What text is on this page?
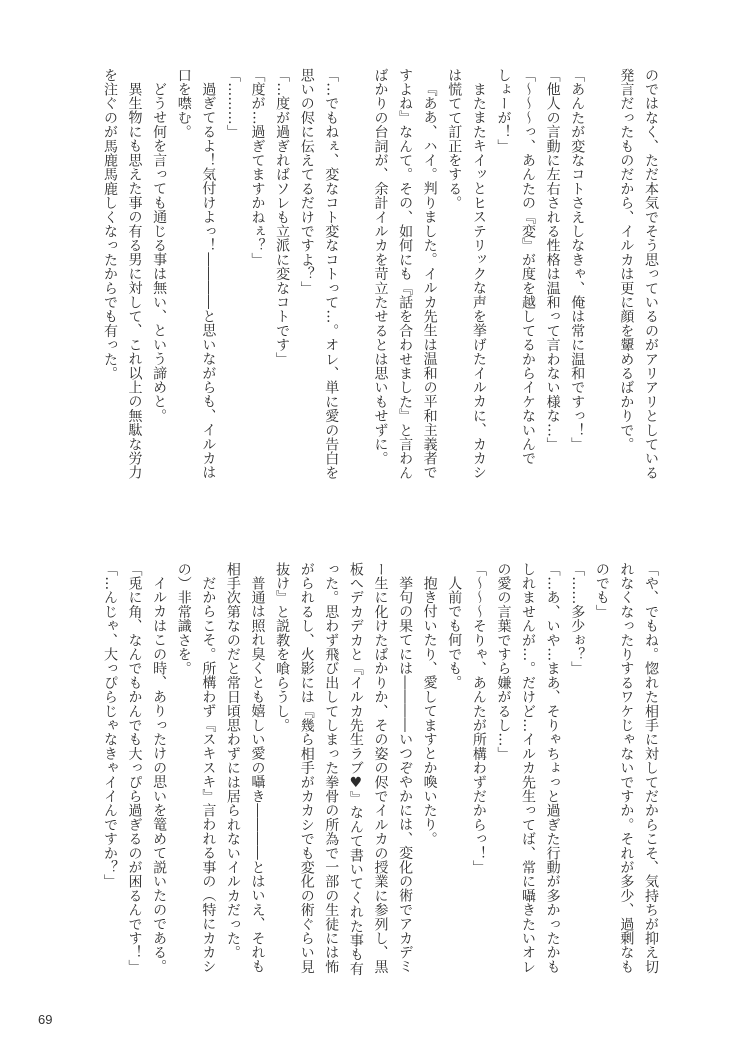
のではなく、ただ本気でそう思っているのがアリアリとしている

発言だったものだから、イルカは更に顔を顰めるばかりで。

「あんたが変なコトさえしなきゃ、俺は常に温和ですっ！」

「他人の言動に左右される性格は温和って言わない様な…」

「〜〜〜っ、あんたの『変』が度を越してるからイケないんで

しょーが！」

またまたキイッとヒステリックな声を挙げたイルカに、カカシ

は慌てて訂正をする。

『ああ、ハイ。判りました。イルカ先生は温和の平和主義者で

すよね』なんて。その、如何にも『話を合わせました』と言わん

ばかりの台詞が、余計イルカを苛立たせるとは思いもせずに。

「…でもねぇ、変なコト変なコトって…。オレ、単に愛の告白を

思いの侭に伝えてるだけですよ？」

「…度が過ぎればソレも立派に変なコトです」

「度が…過ぎてますかねぇ？」

「………」

過ぎてるよ！気付けよっ！――――と思いながらも、イルカは

口を噤む。

どうせ何を言っても通じる事は無い、という諦めと。

異生物にも思えた事の有る男に対して、これ以上の無駄な労力

を注ぐのが馬鹿馬鹿しくなったからでも有った。

「や、でもね。惚れた相手に対してだからこそ、気持ちが抑え切

れなくなったりするワケじゃないですか。それが多少、過剰なも

のでも」

「……多少ぉ？」

「…あ、いや…まあ、そりゃちょっと過ぎた行動が多かったかも

しれませんが…。だけど…イルカ先生ってば、常に囁きたいオレ

の愛の言葉ですら嫌がるし…」

「〜〜〜そりゃ、あんたが所構わずだからっ！」

人前でも何でも。

抱き付いたり、愛してますとか喚いたり。

挙句の果てには――――いつぞやかには、変化の術でアカデミ

ー生に化けたばかりか、その姿の侭でイルカの授業に参列し、黒

板へデカデカと『イルカ先生ラブ♥』なんて書いてくれた事も有

った。思わず飛び出してしまった拳骨の所為で一部の生徒には怖

がられるし、火影には『幾ら相手がカカシでも変化の術ぐらい見

抜け』と説教を喰らうし。

普通は照れ臭くとも嬉しい愛の囁き――――とはいえ、それも

相手次第なのだと常日頃思わずには居られないイルカだった。

だからこそ。所構わず『スキスキ』言われる事の（特にカカシ

の）非常識さを。

イルカはこの時、ありったけの思いを篭めて説いたのである。

「兎に角、なんでもかんでも大っぴら過ぎるのが困るんです！」

「…んじゃ、大っぴらじゃなきゃイイんですか？」

69
